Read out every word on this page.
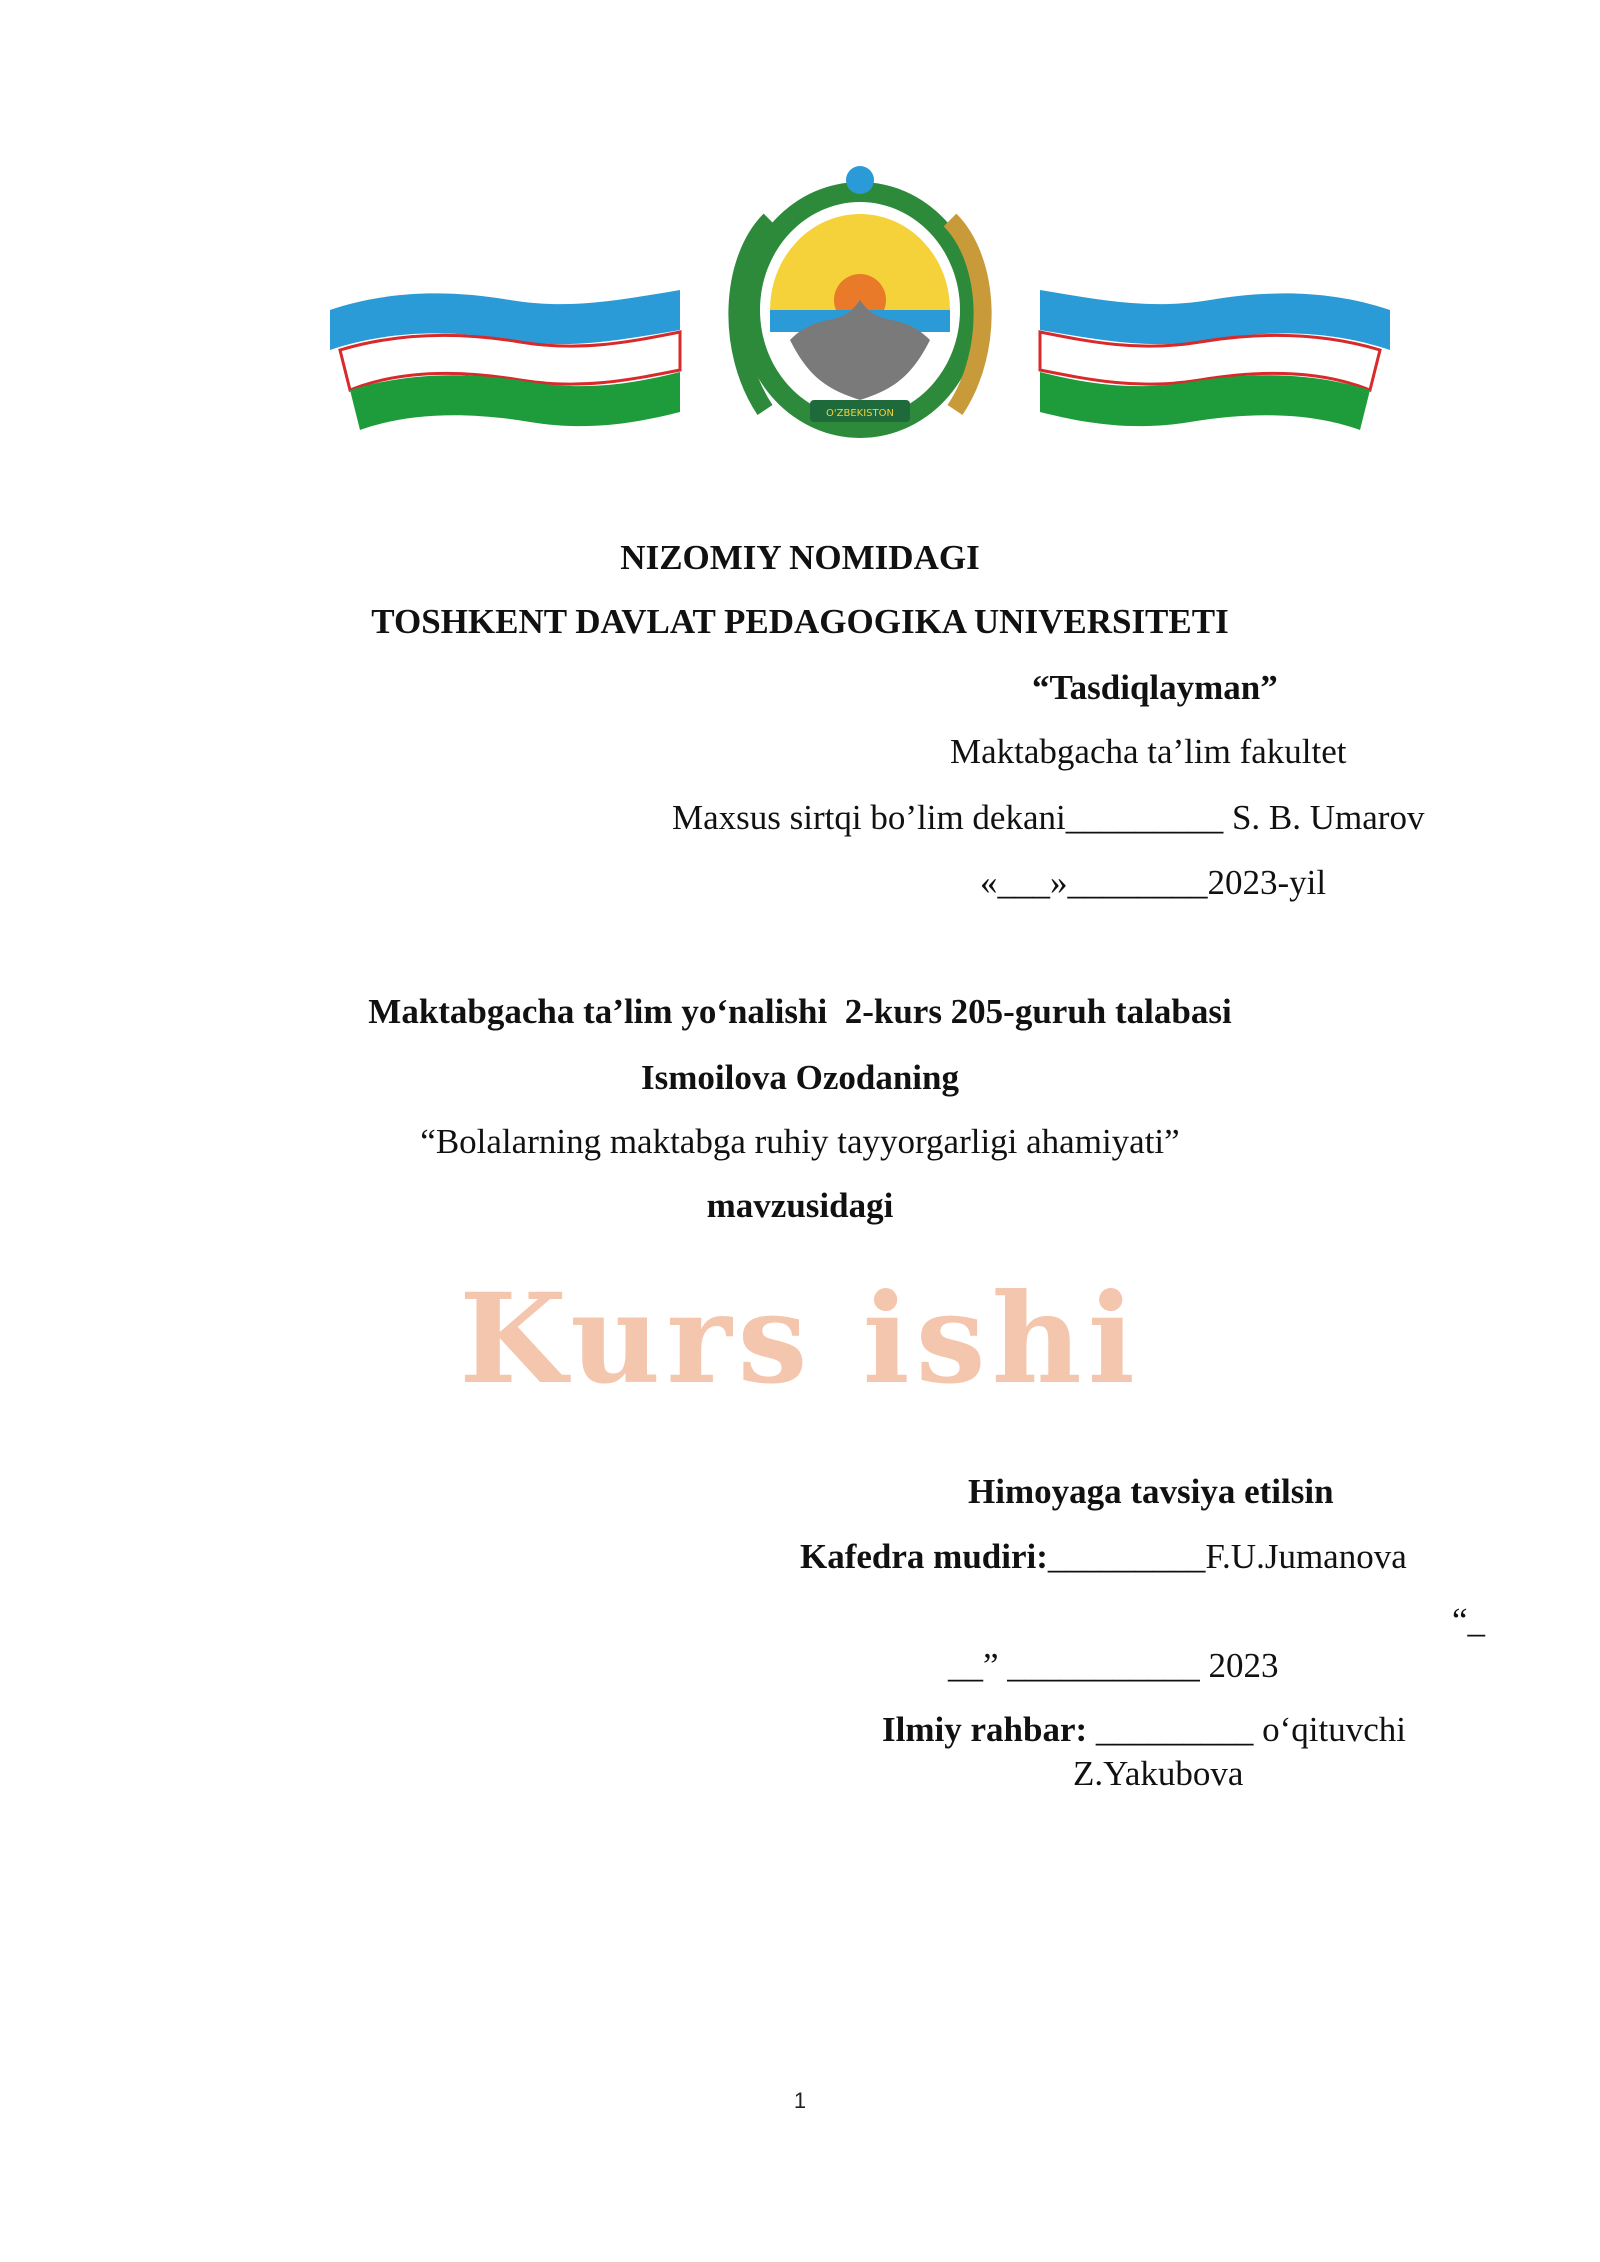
O'ZBEKISTON
NIZOMIY NOMIDAGI
TOSHKENT DAVLAT PEDAGOGIKA UNIVERSITETI
“Tasdiqlayman”
Maktabgacha ta’lim fakultet
Maxsus sirtqi bo’lim dekani_________ S. B. Umarov
«___»________2023-yil
Maktabgacha ta’lim yo‘nalishi  2-kurs 205-guruh talabasi
Ismoilova Ozodaning
“Bolalarning maktabga ruhiy tayyorgarligi ahamiyati”
mavzusidagi
Kurs ishi
Himoyaga tavsiya etilsin
Kafedra mudiri:_________F.U.Jumanova
“_
__” ___________ 2023
Ilmiy rahbar: _________ o‘qituvchi
Z.Yakubova
1
